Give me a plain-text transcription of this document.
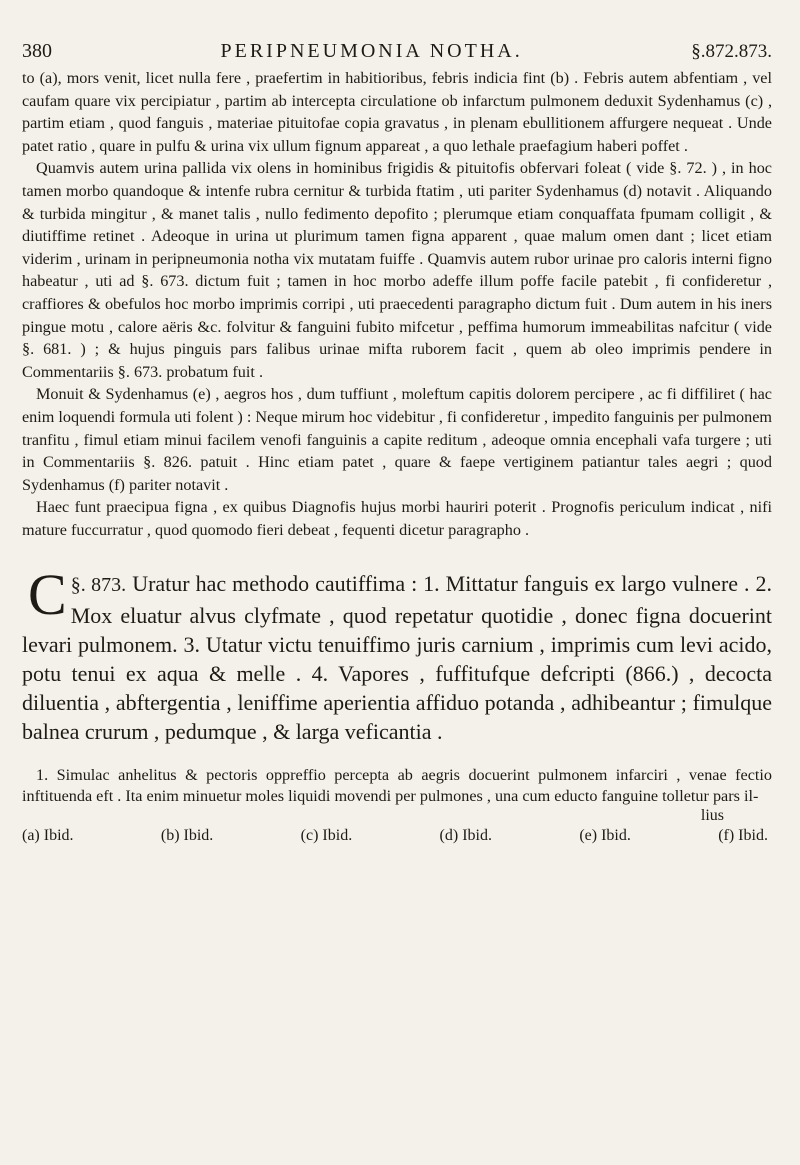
380	PERIPNEUMONIA NOTHA.	§.872.873.

to (a), mors venit, licet nulla fere , praefertim in habitioribus, febris indicia fint (b) . Febris autem abfentiam , vel caufam quare vix percipiatur , partim ab intercepta circulatione ob infarctum pulmonem deduxit Sydenhamus (c) , partim etiam , quod fanguis , materiae pituitofae copia gravatus , in plenam ebullitionem affurgere nequeat . Unde patet ratio , quare in pulfu & urina vix ullum fignum appareat , a quo lethale praefagium haberi poffet .

Quamvis autem urina pallida vix olens in hominibus frigidis & pituitofis obfervari foleat ( vide §. 72. ) , in hoc tamen morbo quandoque & intenfe rubra cernitur & turbida ftatim , uti pariter Sydenhamus (d) notavit . Aliquando & turbida mingitur , & manet talis , nullo fedimento depofito ; plerumque etiam conquaffata fpumam colligit , & diutiffime retinet . Adeoque in urina ut plurimum tamen figna apparent , quae malum omen dant ; licet etiam viderim , urinam in peripneumonia notha vix mutatam fuiffe . Quamvis autem rubor urinae pro caloris interni figno habeatur , uti ad §. 673. dictum fuit ; tamen in hoc morbo adeffe illum poffe facile patebit , fi confideretur , craffiores & obefulos hoc morbo imprimis corripi , uti praecedenti paragrapho dictum fuit . Dum autem in his iners pingue motu , calore aëris &c. folvitur & fanguini fubito mifcetur , peffima humorum immeabilitas nafcitur ( vide §. 681. ) ; & hujus pinguis pars falibus urinae mifta ruborem facit , quem ab oleo imprimis pendere in Commentariis §. 673. probatum fuit .

Monuit & Sydenhamus (e) , aegros hos , dum tuffiunt , moleftum capitis dolorem percipere , ac fi diffiliret ( hac enim loquendi formula uti folent ) : Neque mirum hoc videbitur , fi confideretur , impedito fanguinis per pulmonem tranfitu , fimul etiam minui facilem venofi fanguinis a capite reditum , adeoque omnia encephali vafa turgere ; uti in Commentariis §. 826. patuit . Hinc etiam patet , quare & faepe vertiginem patiantur tales aegri ; quod Sydenhamus (f) pariter notavit .

Haec funt praecipua figna , ex quibus Diagnofis hujus morbi hauriri poterit . Prognofis periculum indicat , nifi mature fuccurratur , quod quomodo fieri debeat , fequenti dicetur paragrapho .

§. 873.
C	Uratur hac methodo cautiffima : 1. Mittatur fanguis ex largo vulnere . 2. Mox eluatur alvus clyfmate , quod repetatur quotidie , donec figna docuerint levari pulmonem. 3. Utatur victu tenuiffimo juris carnium , imprimis cum levi acido, potu tenui ex aqua & melle . 4. Vapores , fuffitufque defcripti (866.) , decocta diluentia , abftergentia , leniffime aperientia affiduo potanda , adhibeantur ; fimulque balnea crurum , pedumque , & larga veficantia .

1. Simulac anhelitus & pectoris oppreffio percepta ab aegris docuerint pulmonem infarciri , venae fectio inftituenda eft . Ita enim minuetur moles liquidi movendi per pulmones , una cum educto fanguine tolletur pars il-

lius
(a) Ibid.	(b) Ibid.	(c) Ibid.	(d) Ibid.	(e) Ibid.	(f) Ibid.
